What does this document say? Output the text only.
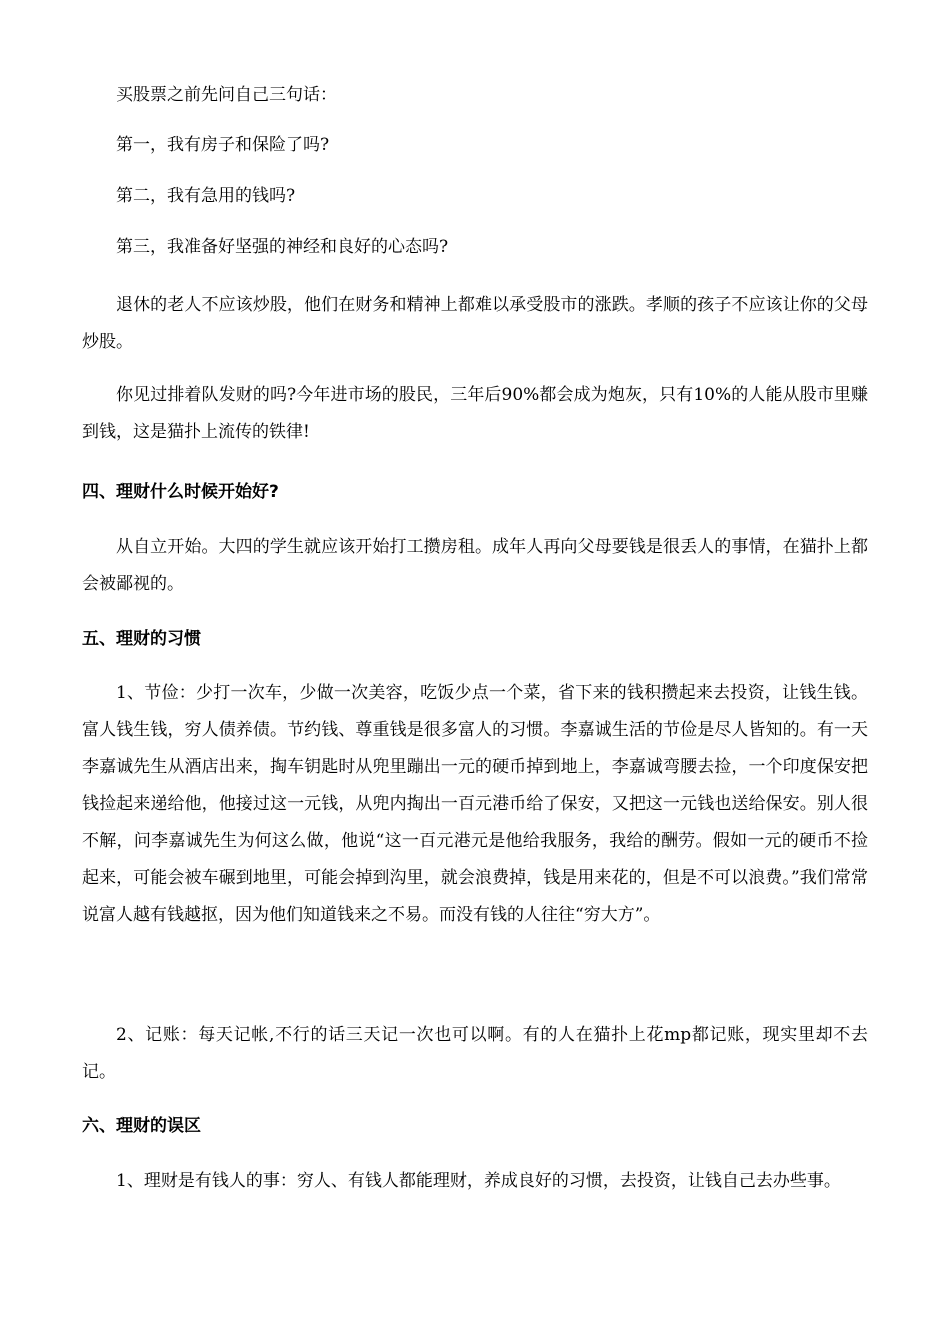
买股票之前先问自己三句话：

第一，我有房子和保险了吗?

第二，我有急用的钱吗?

第三，我准备好坚强的神经和良好的心态吗?

退休的老人不应该炒股，他们在财务和精神上都难以承受股市的涨跌。孝顺的孩子不应该让你的父母炒股。

你见过排着队发财的吗?今年进市场的股民，三年后90%都会成为炮灰，只有10%的人能从股市里赚到钱，这是猫扑上流传的铁律!

四、理财什么时候开始好?

从自立开始。大四的学生就应该开始打工攒房租。成年人再向父母要钱是很丢人的事情，在猫扑上都会被鄙视的。

五、理财的习惯

1、节俭：少打一次车，少做一次美容，吃饭少点一个菜，省下来的钱积攒起来去投资，让钱生钱。富人钱生钱，穷人债养债。节约钱、尊重钱是很多富人的习惯。李嘉诚生活的节俭是尽人皆知的。有一天李嘉诚先生从酒店出来，掏车钥匙时从兜里蹦出一元的硬币掉到地上，李嘉诚弯腰去捡，一个印度保安把钱捡起来递给他，他接过这一元钱，从兜内掏出一百元港币给了保安，又把这一元钱也送给保安。别人很不解，问李嘉诚先生为何这么做，他说“这一百元港元是他给我服务，我给的酬劳。假如一元的硬币不捡起来，可能会被车碾到地里，可能会掉到沟里，就会浪费掉，钱是用来花的，但是不可以浪费。”我们常常说富人越有钱越抠，因为他们知道钱来之不易。而没有钱的人往往“穷大方”。

2、记账：每天记帐,不行的话三天记一次也可以啊。有的人在猫扑上花mp都记账，现实里却不去记。

六、理财的误区

1、理财是有钱人的事：穷人、有钱人都能理财，养成良好的习惯，去投资，让钱自己去办些事。
